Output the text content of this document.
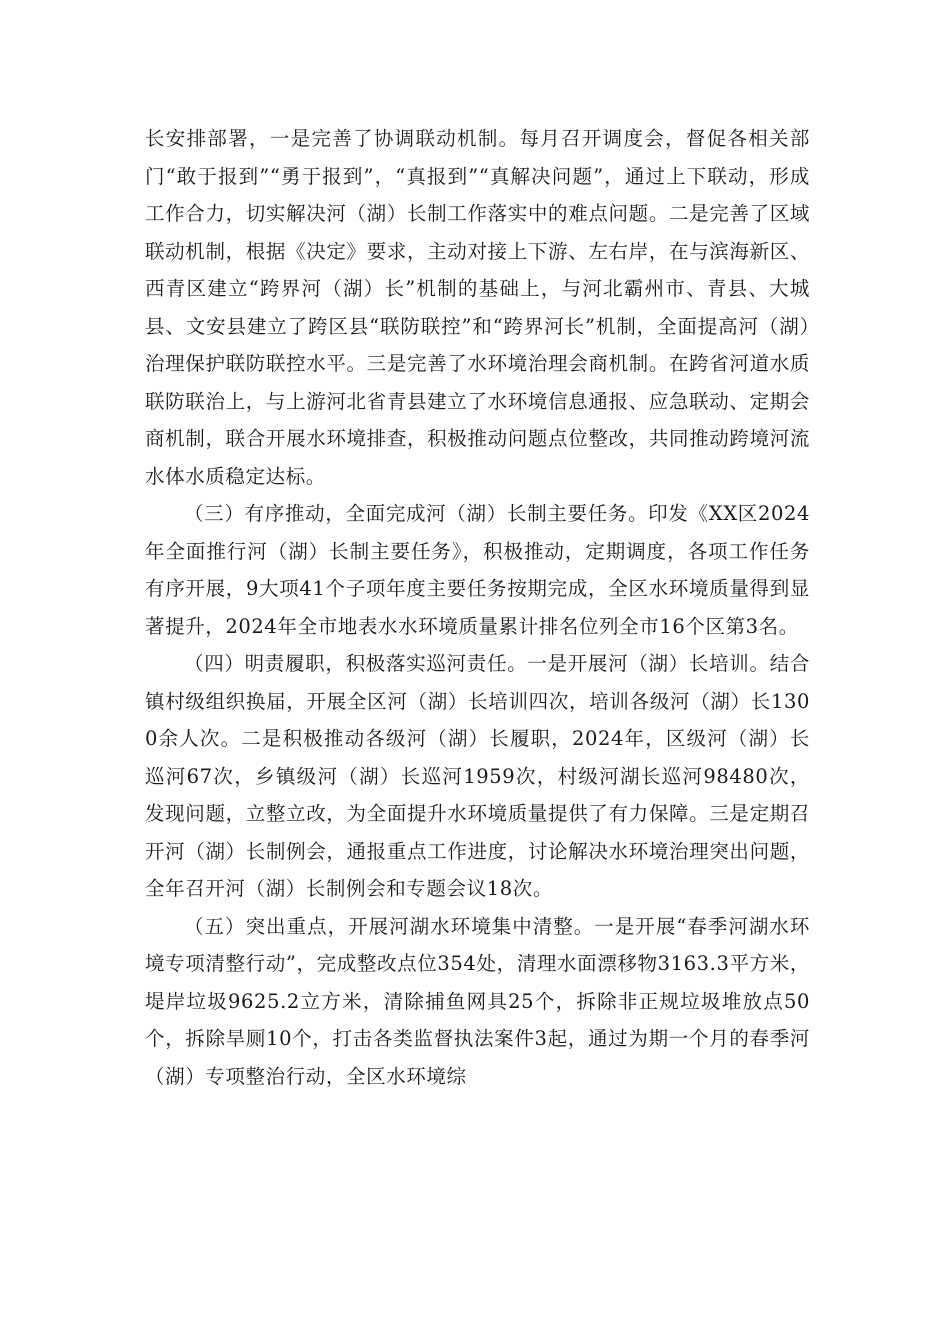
长安排部署，一是完善了协调联动机制。每月召开调度会，督促各相关部门“敢于报到”“勇于报到”，“真报到”“真解决问题”，通过上下联动，形成工作合力，切实解决河（湖）长制工作落实中的难点问题。二是完善了区域联动机制，根据《决定》要求，主动对接上下游、左右岸，在与滨海新区、西青区建立“跨界河（湖）长”机制的基础上，与河北霸州市、青县、大城县、文安县建立了跨区县“联防联控”和“跨界河长”机制，全面提高河（湖）治理保护联防联控水平。三是完善了水环境治理会商机制。在跨省河道水质联防联治上，与上游河北省青县建立了水环境信息通报、应急联动、定期会商机制，联合开展水环境排查，积极推动问题点位整改，共同推动跨境河流水体水质稳定达标。

（三）有序推动，全面完成河（湖）长制主要任务。印发《XX区2024年全面推行河（湖）长制主要任务》，积极推动，定期调度，各项工作任务有序开展，9大项41个子项年度主要任务按期完成，全区水环境质量得到显著提升，2024年全市地表水水环境质量累计排名位列全市16个区第3名。

（四）明责履职，积极落实巡河责任。一是开展河（湖）长培训。结合镇村级组织换届，开展全区河（湖）长培训四次，培训各级河（湖）长1300余人次。二是积极推动各级河（湖）长履职，2024年，区级河（湖）长巡河67次，乡镇级河（湖）长巡河1959次，村级河湖长巡河98480次，发现问题，立整立改，为全面提升水环境质量提供了有力保障。三是定期召开河（湖）长制例会，通报重点工作进度，讨论解决水环境治理突出问题，全年召开河（湖）长制例会和专题会议18次。

（五）突出重点，开展河湖水环境集中清整。一是开展“春季河湖水环境专项清整行动”，完成整改点位354处，清理水面漂移物3163.3平方米，堤岸垃圾9625.2立方米，清除捕鱼网具25个，拆除非正规垃圾堆放点50个，拆除旱厕10个，打击各类监督执法案件3起，通过为期一个月的春季河（湖）专项整治行动，全区水环境综
